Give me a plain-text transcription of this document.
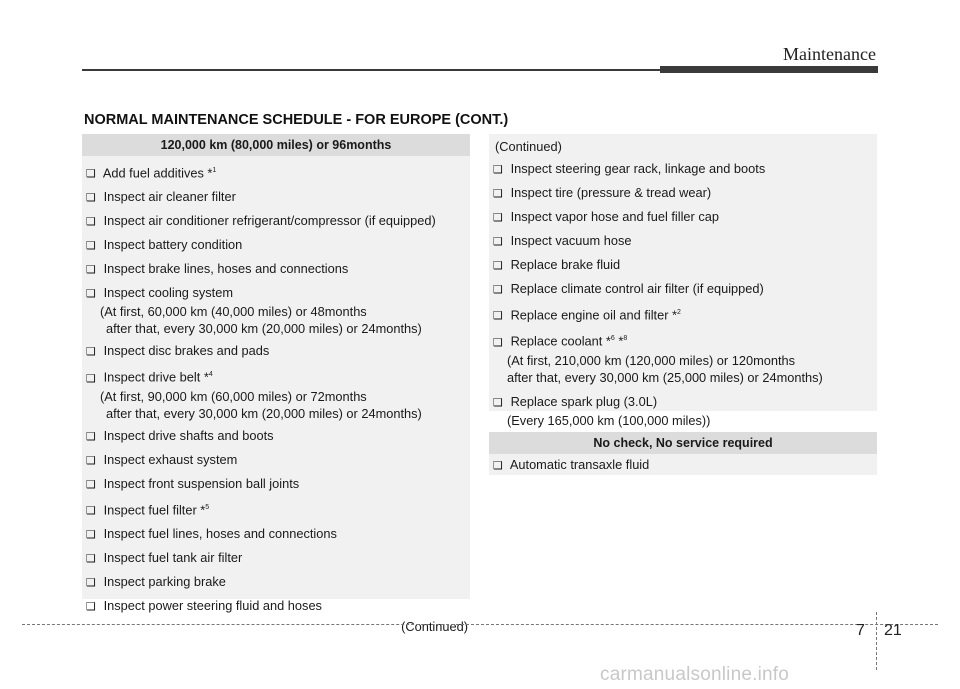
Maintenance
NORMAL MAINTENANCE SCHEDULE - FOR EUROPE (CONT.)
120,000 km (80,000 miles) or 96months
❑ Add fuel additives *$^1$
❑ Inspect air cleaner filter
❑ Inspect air conditioner refrigerant/compressor (if equipped)
❑ Inspect battery condition
❑ Inspect brake lines, hoses and connections
❑ Inspect cooling system
(At first, 60,000 km (40,000 miles) or 48months
after that, every 30,000 km (20,000 miles) or 24months)
❑ Inspect disc brakes and pads
❑ Inspect drive belt *$^4$
(At first, 90,000 km (60,000 miles) or 72months
after that, every 30,000 km (20,000 miles) or 24months)
❑ Inspect drive shafts and boots
❑ Inspect exhaust system
❑ Inspect front suspension ball joints
❑ Inspect fuel filter *$^5$
❑ Inspect fuel lines, hoses and connections
❑ Inspect fuel tank air filter
❑ Inspect parking brake
❑ Inspect power steering fluid and hoses
(Continued)
(Continued)
❑ Inspect steering gear rack, linkage and boots
❑ Inspect tire (pressure & tread wear)
❑ Inspect vapor hose and fuel filler cap
❑ Inspect vacuum hose
❑ Replace brake fluid
❑ Replace climate control air filter (if equipped)
❑ Replace engine oil and filter *$^2$
❑ Replace coolant *$^6$ *$^8$
(At first, 210,000 km (120,000 miles) or 120months
after that, every 30,000 km (25,000 miles) or 24months)
❑ Replace spark plug (3.0L)
(Every 165,000 km (100,000 miles))
No check, No service required
❑ Automatic transaxle fluid
7 21
carmanualsonline.info
